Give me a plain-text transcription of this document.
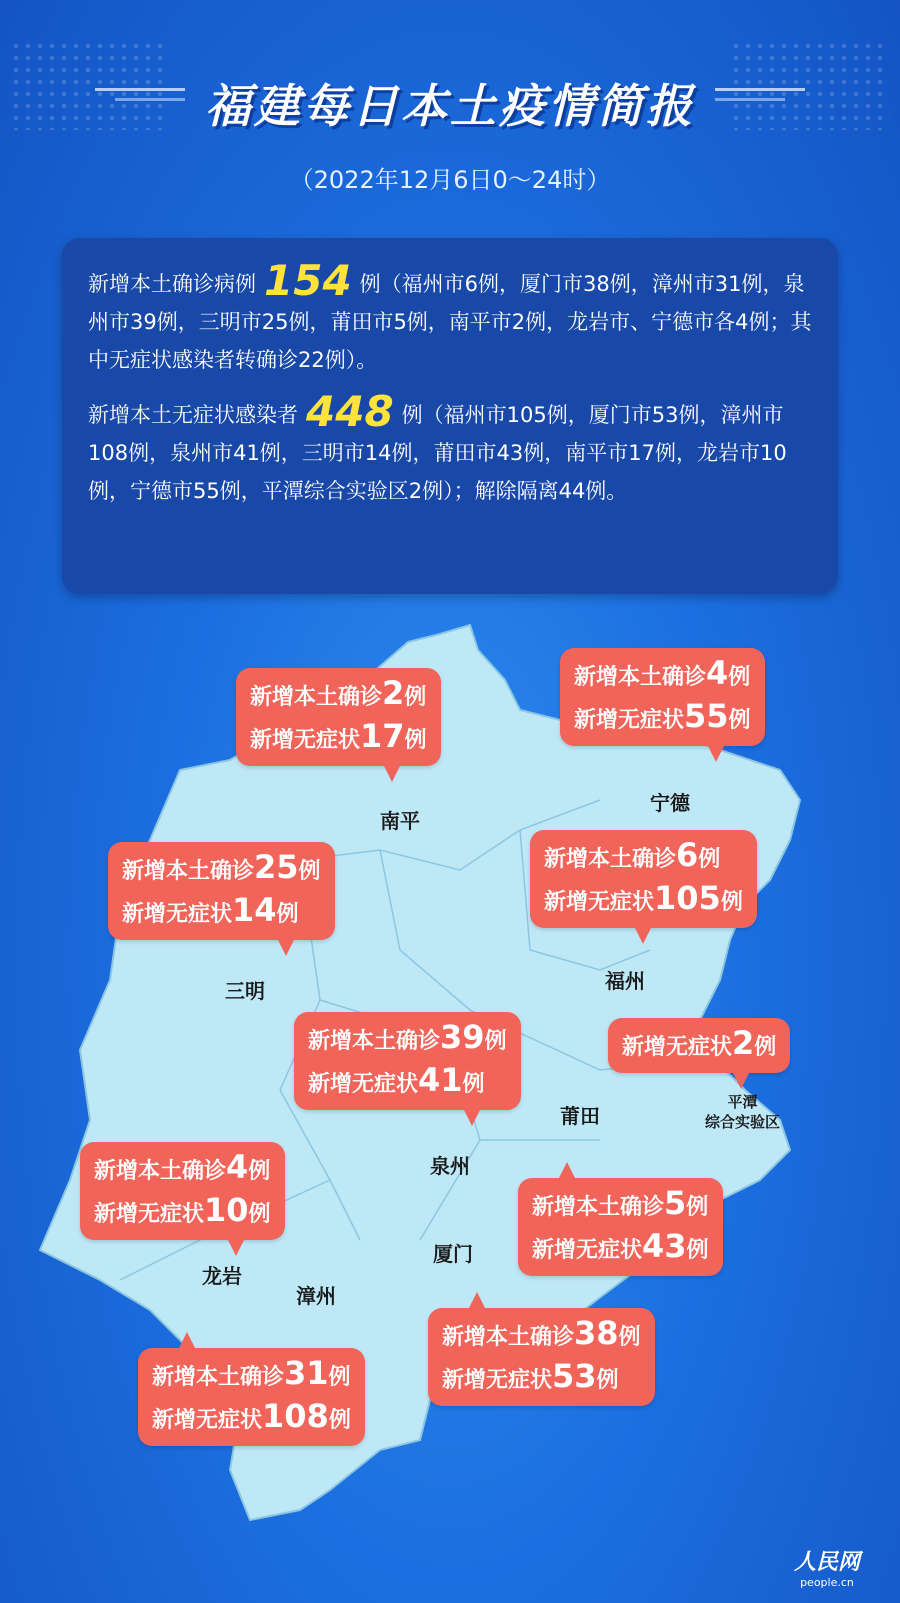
福建每日本土疫情简报
（2022年12月6日0～24时）

新增本土确诊病例 154 例（福州市6例，厦门市38例，漳州市31例，泉州市39例，三明市25例，莆田市5例，南平市2例，龙岩市、宁德市各4例；其中无症状感染者转确诊22例）。

新增本土无症状感染者 448 例（福州市105例，厦门市53例，漳州市108例，泉州市41例，三明市14例，莆田市43例，南平市17例，龙岩市10例，宁德市55例，平潭综合实验区2例）；解除隔离44例。

南平
宁德
三明	福州
泉州
莆田
平潭
综合实验区
龙岩
漳州
厦门
新增本土确诊2例
新增无症状17例
新增本土确诊4例
新增无症状55例
新增本土确诊25例
新增无症状14例
新增本土确诊6例
新增无症状105例
新增本土确诊39例
新增无症状41例
新增无症状2例
新增本土确诊5例
新增无症状43例
新增本土确诊4例
新增无症状10例
新增本土确诊38例
新增无症状53例
新增本土确诊31例
新增无症状108例
人民网
people.cn
